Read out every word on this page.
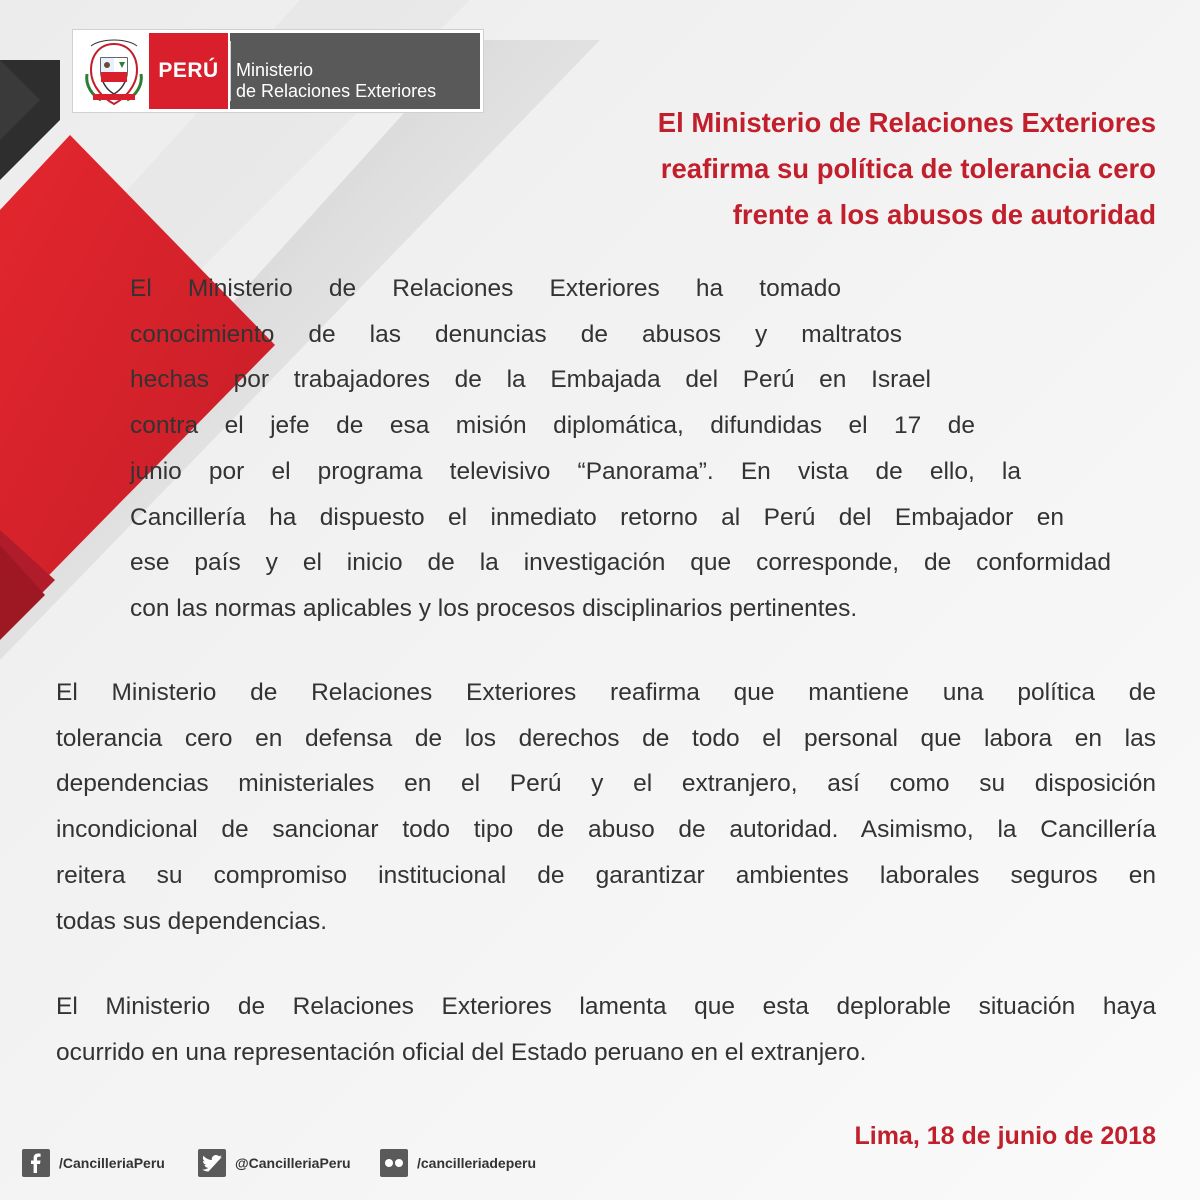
PERÚ Ministerio
de Relaciones Exteriores
El Ministerio de Relaciones Exteriores
reafirma su política de tolerancia cero
frente a los abusos de autoridad
El Ministerio de Relaciones Exteriores ha tomado
conocimiento de las denuncias de abusos y maltratos
hechas por trabajadores de la Embajada del Perú en Israel
contra el jefe de esa misión diplomática, difundidas el 17 de
junio por el programa televisivo “Panorama”. En vista de ello, la
Cancillería ha dispuesto el inmediato retorno al Perú del Embajador en
ese país y el inicio de la investigación que corresponde, de conformidad
con las normas aplicables y los procesos disciplinarios pertinentes.
El Ministerio de Relaciones Exteriores reafirma que mantiene una política de
tolerancia cero en defensa de los derechos de todo el personal que labora en las
dependencias ministeriales en el Perú y el extranjero, así como su disposición
incondicional de sancionar todo tipo de abuso de autoridad. Asimismo, la Cancillería
reitera su compromiso institucional de garantizar ambientes laborales seguros en
todas sus dependencias.
El Ministerio de Relaciones Exteriores lamenta que esta deplorable situación haya
ocurrido en una representación oficial del Estado peruano en el extranjero.
/CancilleriaPeru	@CancilleriaPeru	/cancilleriadeperu
Lima, 18 de junio de 2018
